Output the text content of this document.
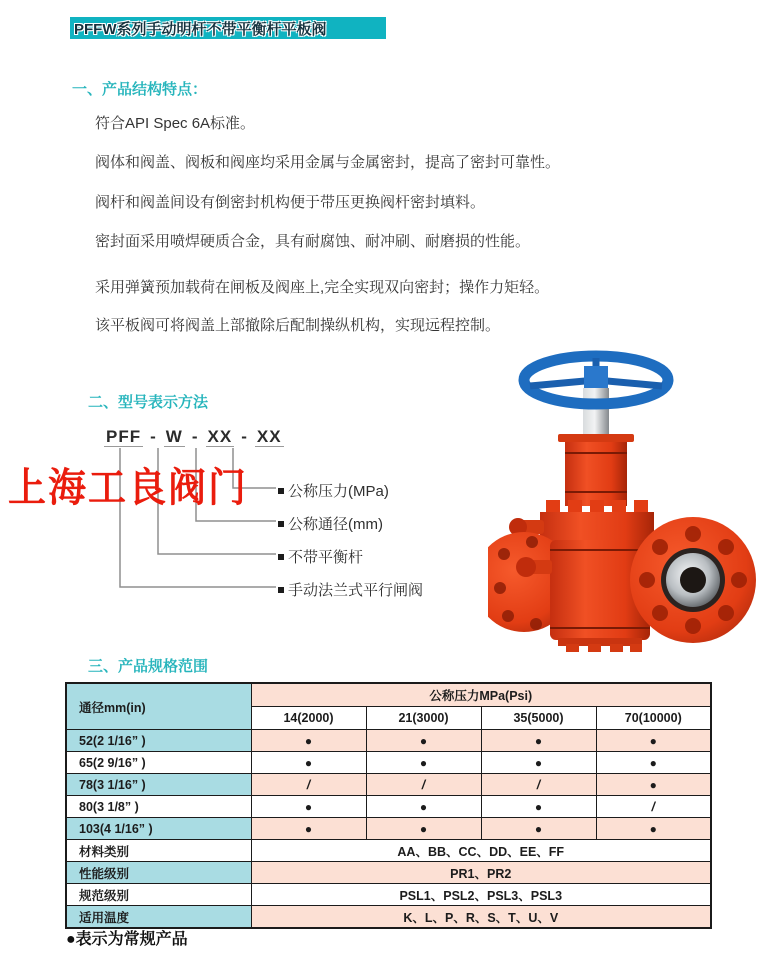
PFFW系列手动明杆不带平衡杆平板阀
一、产品结构特点：
符合API Spec 6A标准。
阀体和阀盖、阀板和阀座均采用金属与金属密封，提高了密封可靠性。
阀杆和阀盖间设有倒密封机构便于带压更换阀杆密封填料。
密封面采用喷焊硬质合金，具有耐腐蚀、耐冲刷、耐磨损的性能。
采用弹簧预加载荷在闸板及阀座上,完全实现双向密封；操作力矩轻。
该平板阀可将阀盖上部撤除后配制操纵机构，实现远程控制。
二、型号表示方法
PFF - W - XX - XX
公称压力(MPa)
公称通径(mm)
不带平衡杆
手动法兰式平行闸阀
上海工良阀门
三、产品规格范围
通径mm(in)	公称压力MPa(Psi)			
	14(2000)	21(3000)	35(5000)	70(10000)
52(2 1/16” )	●	●	●	●
65(2 9/16” )	●	●	●	●
78(3 1/16” )	/	/	/	●
80(3 1/8” )	●	●	●	/
103(4 1/16” )	●	●	●	●
材料类别	AA、BB、CC、DD、EE、FF			
性能级别	PR1、PR2			
规范级别	PSL1、PSL2、PSL3、PSL3			
适用温度	K、L、P、R、S、T、U、V			
●表示为常规产品
